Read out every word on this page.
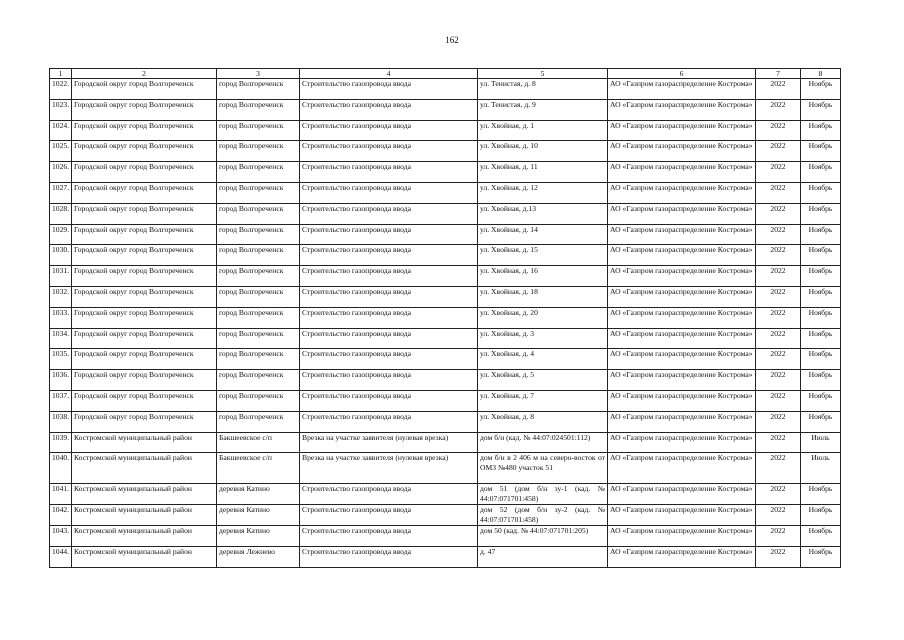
162
1	2	3	4	5	6	7	8
1022.	Городской округ город Волгореченск	город Волгореченск	Строительство газопровода ввода	ул. Тенистая, д. 8	АО «Газпром газораспределение Кострома»	2022	Ноябрь
1023.	Городской округ город Волгореченск	город Волгореченск	Строительство газопровода ввода	ул. Тенистая, д. 9	АО «Газпром газораспределение Кострома»	2022	Ноябрь
1024.	Городской округ город Волгореченск	город Волгореченск	Строительство газопровода ввода	ул. Хвойная, д. 1	АО «Газпром газораспределение Кострома»	2022	Ноябрь
1025.	Городской округ город Волгореченск	город Волгореченск	Строительство газопровода ввода	ул. Хвойная, д. 10	АО «Газпром газораспределение Кострома»	2022	Ноябрь
1026.	Городской округ город Волгореченск	город Волгореченск	Строительство газопровода ввода	ул. Хвойная, д. 11	АО «Газпром газораспределение Кострома»	2022	Ноябрь
1027.	Городской округ город Волгореченск	город Волгореченск	Строительство газопровода ввода	ул. Хвойная, д. 12	АО «Газпром газораспределение Кострома»	2022	Ноябрь
1028.	Городской округ город Волгореченск	город Волгореченск	Строительство газопровода ввода	ул. Хвойная, д.13	АО «Газпром газораспределение Кострома»	2022	Ноябрь
1029.	Городской округ город Волгореченск	город Волгореченск	Строительство газопровода ввода	ул. Хвойная, д. 14	АО «Газпром газораспределение Кострома»	2022	Ноябрь
1030.	Городской округ город Волгореченск	город Волгореченск	Строительство газопровода ввода	ул. Хвойная, д. 15	АО «Газпром газораспределение Кострома»	2022	Ноябрь
1031.	Городской округ город Волгореченск	город Волгореченск	Строительство газопровода ввода	ул. Хвойная, д. 16	АО «Газпром газораспределение Кострома»	2022	Ноябрь
1032.	Городской округ город Волгореченск	город Волгореченск	Строительство газопровода ввода	ул. Хвойная, д. 18	АО «Газпром газораспределение Кострома»	2022	Ноябрь
1033.	Городской округ город Волгореченск	город Волгореченск	Строительство газопровода ввода	ул. Хвойная, д. 20	АО «Газпром газораспределение Кострома»	2022	Ноябрь
1034.	Городской округ город Волгореченск	город Волгореченск	Строительство газопровода ввода	ул. Хвойная, д. 3	АО «Газпром газораспределение Кострома»	2022	Ноябрь
1035.	Городской округ город Волгореченск	город Волгореченск	Строительство газопровода ввода	ул. Хвойная, д. 4	АО «Газпром газораспределение Кострома»	2022	Ноябрь
1036.	Городской округ город Волгореченск	город Волгореченск	Строительство газопровода ввода	ул. Хвойная, д. 5	АО «Газпром газораспределение Кострома»	2022	Ноябрь
1037.	Городской округ город Волгореченск	город Волгореченск	Строительство газопровода ввода	ул. Хвойная, д. 7	АО «Газпром газораспределение Кострома»	2022	Ноябрь
1038.	Городской округ город Волгореченск	город Волгореченск	Строительство газопровода ввода	ул. Хвойная, д. 8	АО «Газпром газораспределение Кострома»	2022	Ноябрь
1039.	Костромской муниципальный район	Бакшеевское с/п	Врезка на участке заявителя (нулевая врезка)	дом б/н (кад. № 44:07:024501:112)	АО «Газпром газораспределение Кострома»	2022	Июль
1040.	Костромской муниципальный район	Бакшеевское с/п	Врезка на участке заявителя (нулевая врезка)	дом б/н в 2 406 м на северо-восток от ОМЗ №480 участок 51	АО «Газпром газораспределение Кострома»	2022	Июль
1041.	Костромской муниципальный район	деревня Катино	Строительство газопровода ввода	дом 51 (дом б/н зу-1 (кад. № 44:07:071701:458)	АО «Газпром газораспределение Кострома»	2022	Ноябрь
1042.	Костромской муниципальный район	деревня Катино	Строительство газопровода ввода	дом 52 (дом б/н зу-2 (кад. № 44:07:071701:458)	АО «Газпром газораспределение Кострома»	2022	Ноябрь
1043.	Костромской муниципальный район	деревня Катино	Строительство газопровода ввода	дом 50 (кад. № 44:07:071701:205)	АО «Газпром газораспределение Кострома»	2022	Ноябрь
1044.	Костромской муниципальный район	деревня Лежнево	Строительство газопровода ввода	д. 47	АО «Газпром газораспределение Кострома»	2022	Ноябрь
